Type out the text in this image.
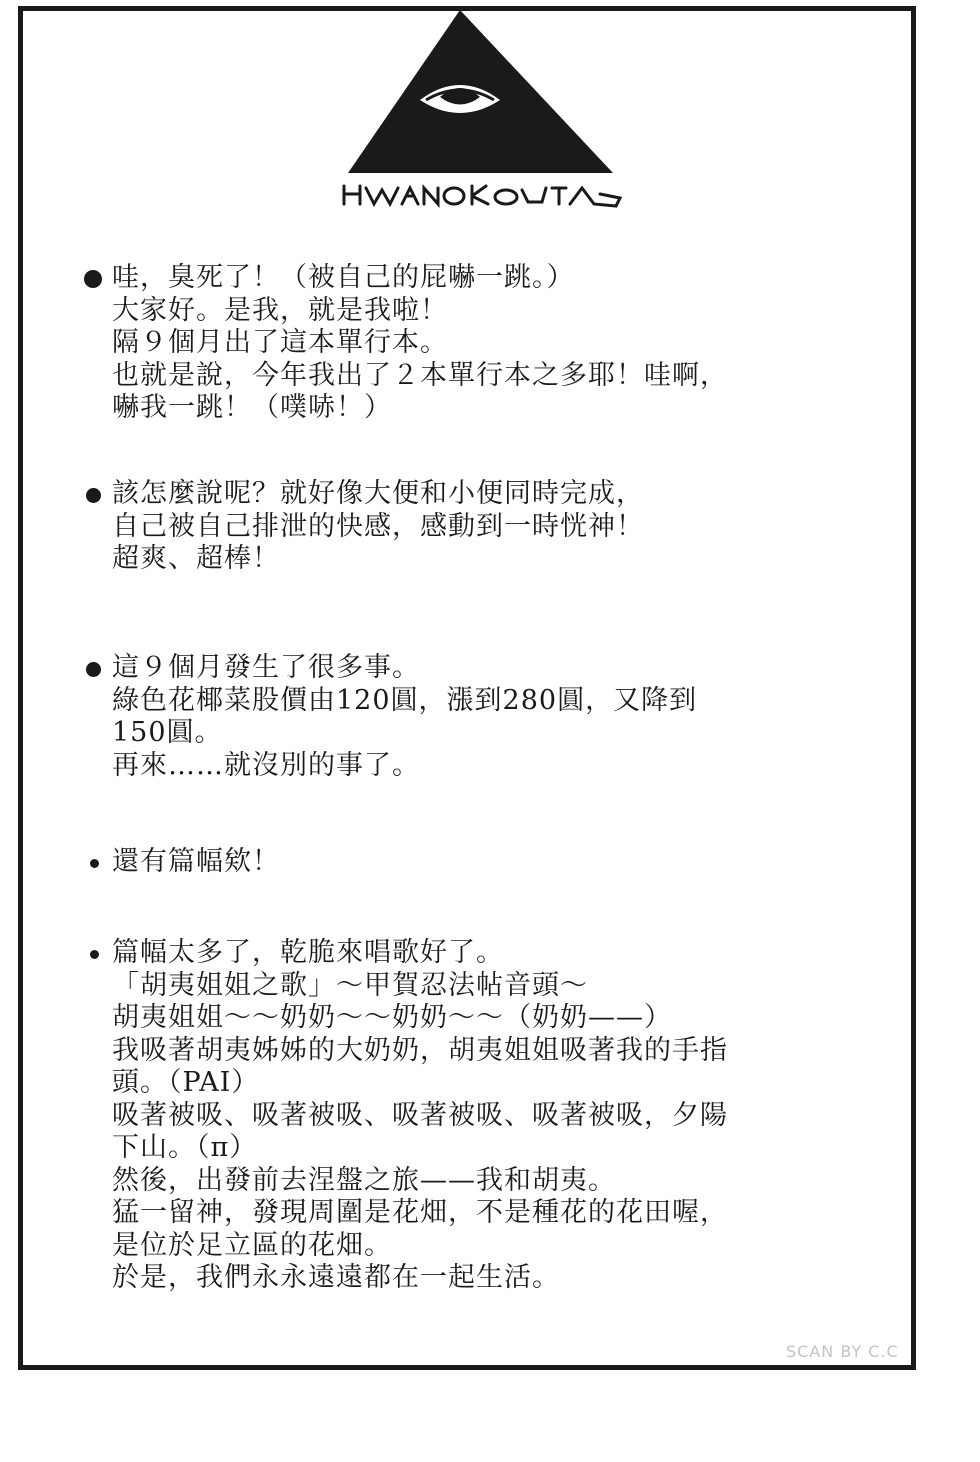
哇，臭死了！（被自己的屁嚇一跳。）
大家好。是我，就是我啦！
隔９個月出了這本單行本。
也就是說，今年我出了２本單行本之多耶！哇啊，
嚇我一跳！（噗哧！）
該怎麼說呢？就好像大便和小便同時完成，
自己被自己排泄的快感，感動到一時恍神！
超爽、超棒！
這９個月發生了很多事。
綠色花椰菜股價由120圓，漲到280圓，又降到
150圓。
再來……就沒別的事了。
還有篇幅欸！
篇幅太多了，乾脆來唱歌好了。
「胡夷姐姐之歌」～甲賀忍法帖音頭～
胡夷姐姐～～奶奶～～奶奶～～（奶奶——）
我吸著胡夷姊姊的大奶奶，胡夷姐姐吸著我的手指
頭。（PAI）
吸著被吸、吸著被吸、吸著被吸、吸著被吸，夕陽
下山。（π）
然後，出發前去涅盤之旅——我和胡夷。
猛一留神，發現周圍是花畑，不是種花的花田喔，
是位於足立區的花畑。
於是，我們永永遠遠都在一起生活。
SCAN BY C.C
